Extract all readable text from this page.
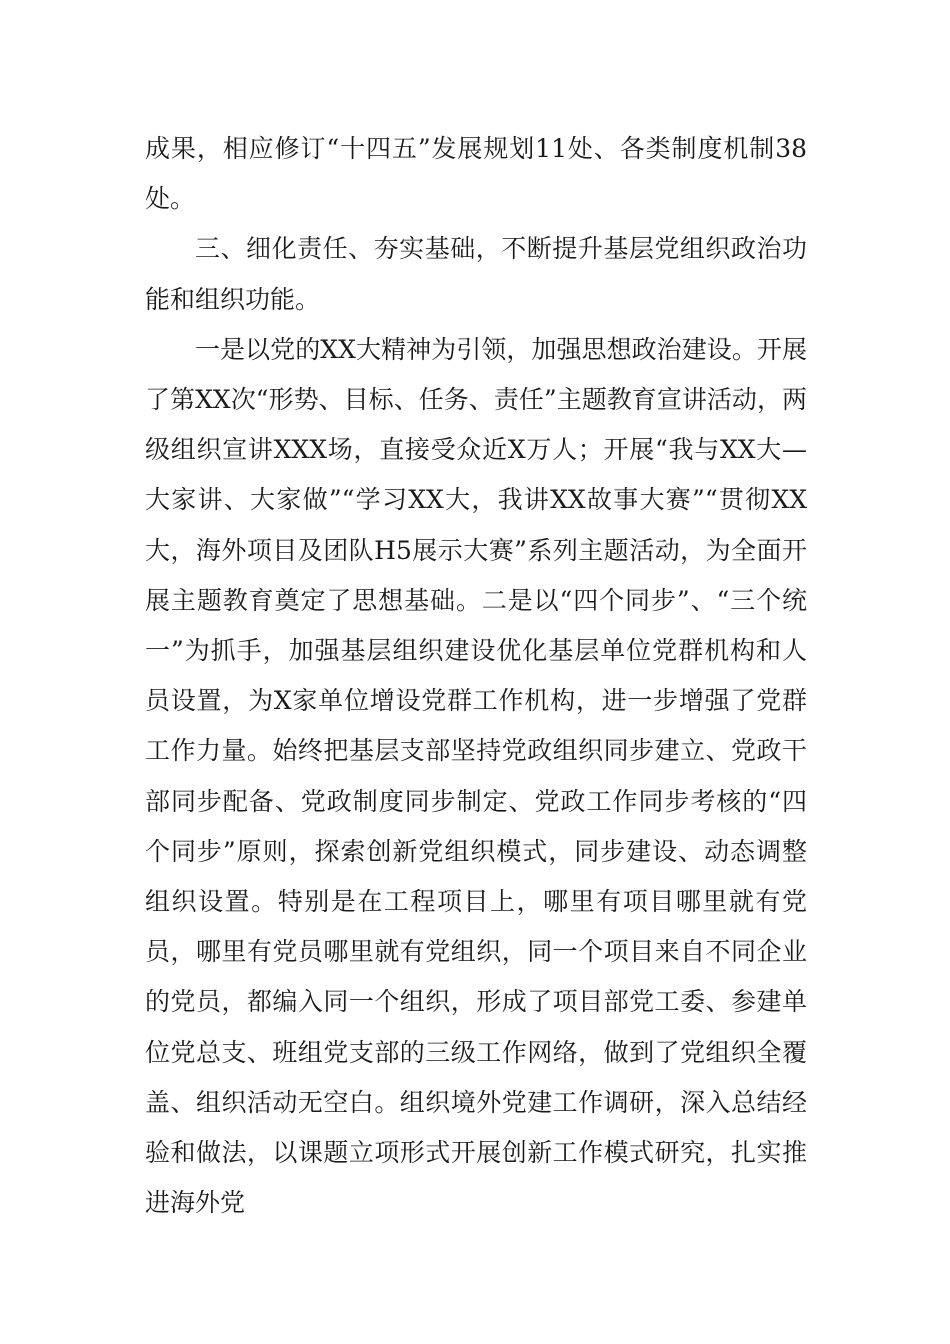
成果，相应修订“十四五”发展规划11处、各类制度机制38处。

三、细化责任、夯实基础，不断提升基层党组织政治功能和组织功能。

一是以党的XX大精神为引领，加强思想政治建设。开展了第XX次“形势、目标、任务、责任”主题教育宣讲活动，两级组织宣讲XXX场，直接受众近X万人；开展“我与XX大—大家讲、大家做”“学习XX大，我讲XX故事大赛”“贯彻XX大，海外项目及团队H5展示大赛”系列主题活动，为全面开展主题教育奠定了思想基础。二是以“四个同步”、“三个统一”为抓手，加强基层组织建设优化基层单位党群机构和人员设置，为X家单位增设党群工作机构，进一步增强了党群工作力量。始终把基层支部坚持党政组织同步建立、党政干部同步配备、党政制度同步制定、党政工作同步考核的“四个同步”原则，探索创新党组织模式，同步建设、动态调整组织设置。特别是在工程项目上，哪里有项目哪里就有党员，哪里有党员哪里就有党组织，同一个项目来自不同企业的党员，都编入同一个组织，形成了项目部党工委、参建单位党总支、班组党支部的三级工作网络，做到了党组织全覆盖、组织活动无空白。组织境外党建工作调研，深入总结经验和做法，以课题立项形式开展创新工作模式研究，扎实推进海外党
